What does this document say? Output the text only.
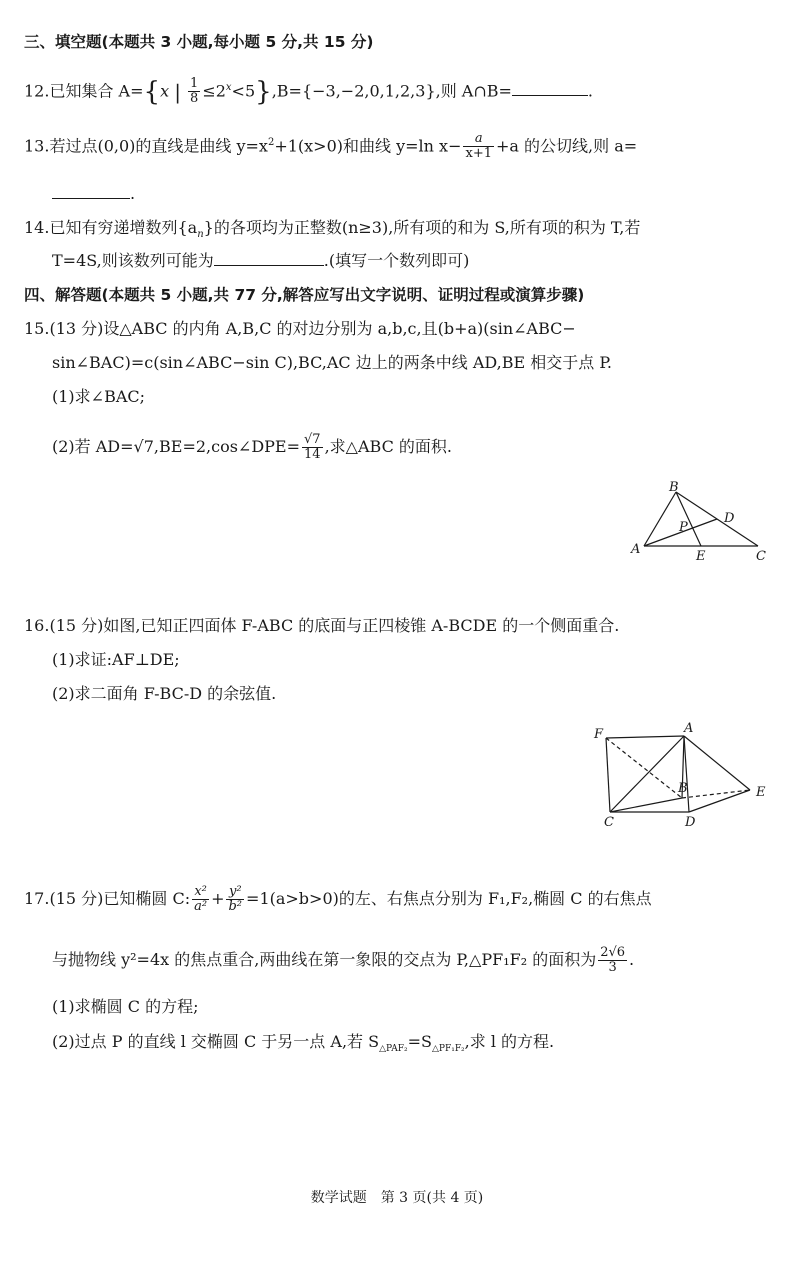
三、填空题(本题共 3 小题,每小题 5 分,共 15 分)
12.已知集合 A={x | $\frac{1}{8} \le 2^x<5\},B=\{-3,-2,0,1,2,3\}$,则 A∩B=	.
13.若过点(0,0)的直线是曲线 $y=x^2+1(x>0)$和曲线 y=ln $x- \frac{a}{x+1} +a$ 的公切线,则 a=
.
14.已知有穷递增数列$\{a_n\}$的各项均为正整数(n≥3),所有项的和为 S,所有项的积为 T,若
T=4S,则该数列可能为	.(填写一个数列即可)
四、解答题(本题共 5 小题,共 77 分,解答应写出文字说明、证明过程或演算步骤)
15.(13 分)设△ABC 的内角 A,B,C 的对边分别为 a,b,c,且(b+a)(sin∠ABC−
sin∠BAC)=c(sin∠ABC−sin C),BC,AC 边上的两条中线 AD,BE 相交于点 P.
(1)求∠BAC;
(2)若 AD=√7,BE=2,cos∠DPE= $\frac{√7}{14}$ ,求△ABC 的面积.
A
B
C
D
E
P
16.(15 分)如图,已知正四面体 F-ABC 的底面与正四棱锥 A-BCDE 的一个侧面重合.
(1)求证:AF⊥DE;
(2)求二面角 F-BC-D 的余弦值.
F	A
B
C	D
E
17.(15 分)已知椭圆 C: $\frac{\text{x²}}{\text{a²}} + \frac{\text{y²}}{\text{b²}} =1(a>b>0)$的左、右焦点分别为 F₁,F₂,椭圆 C 的右焦点
与抛物线 y²=4x 的焦点重合,两曲线在第一象限的交点为 P,△PF₁F₂ 的面积为 $\frac{2√6}{3}$ .
(1)求椭圆 C 的方程;
(2)过点 P 的直线 l 交椭圆 C 于另一点 A,若 $S_{\triangle PAF_2}=S_{\triangle PF_1F_2}$,求 l 的方程.
数学试题　第 3 页(共 4 页)
